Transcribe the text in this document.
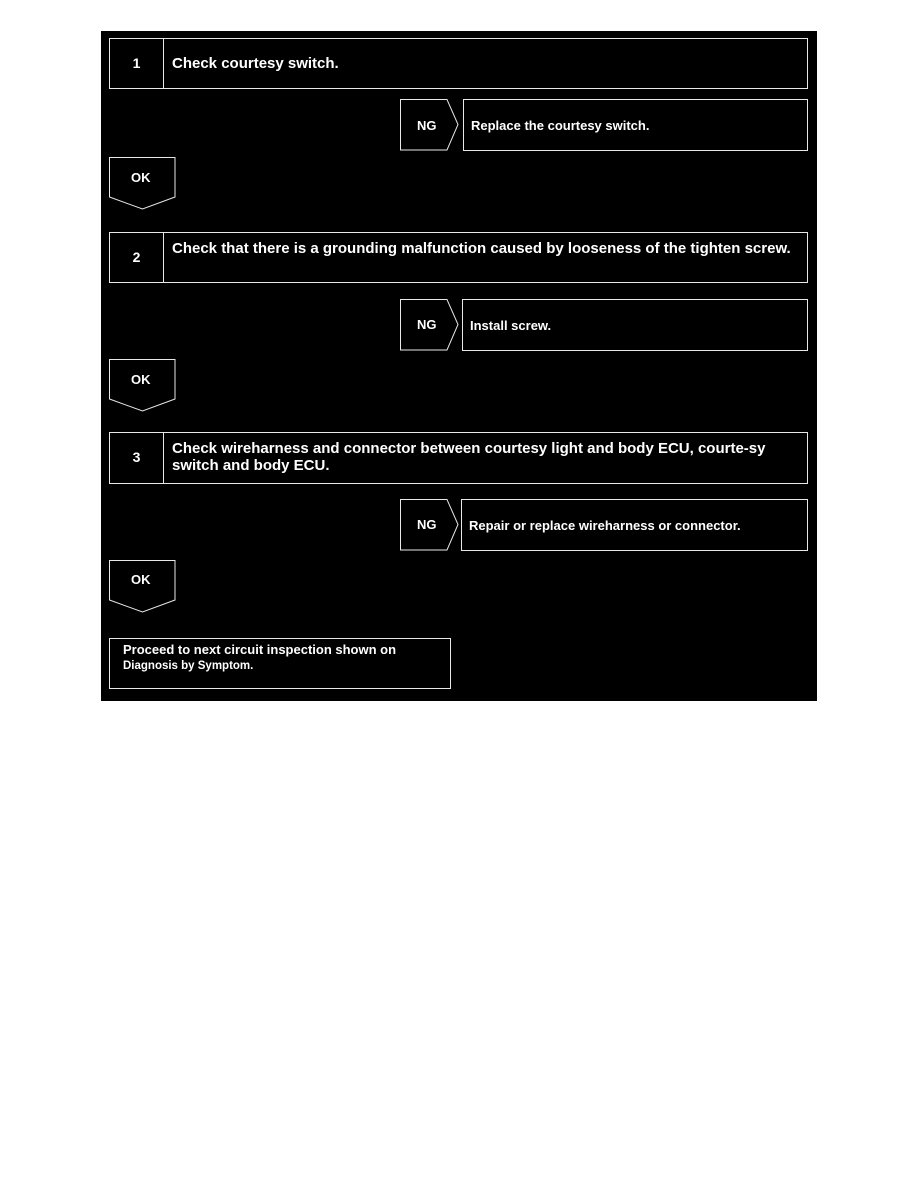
1	Check courtesy switch.
NG	Replace the courtesy switch.
OK
2	Check that there is a grounding malfunction caused by looseness of the tighten screw.
NG	Install screw.
OK
3	Check wireharness and connector between courtesy light and body ECU, courte-sy switch and body ECU.
NG	Repair or replace wireharness or connector.
OK
Proceed to next circuit inspection shown on
Diagnosis by Symptom.
